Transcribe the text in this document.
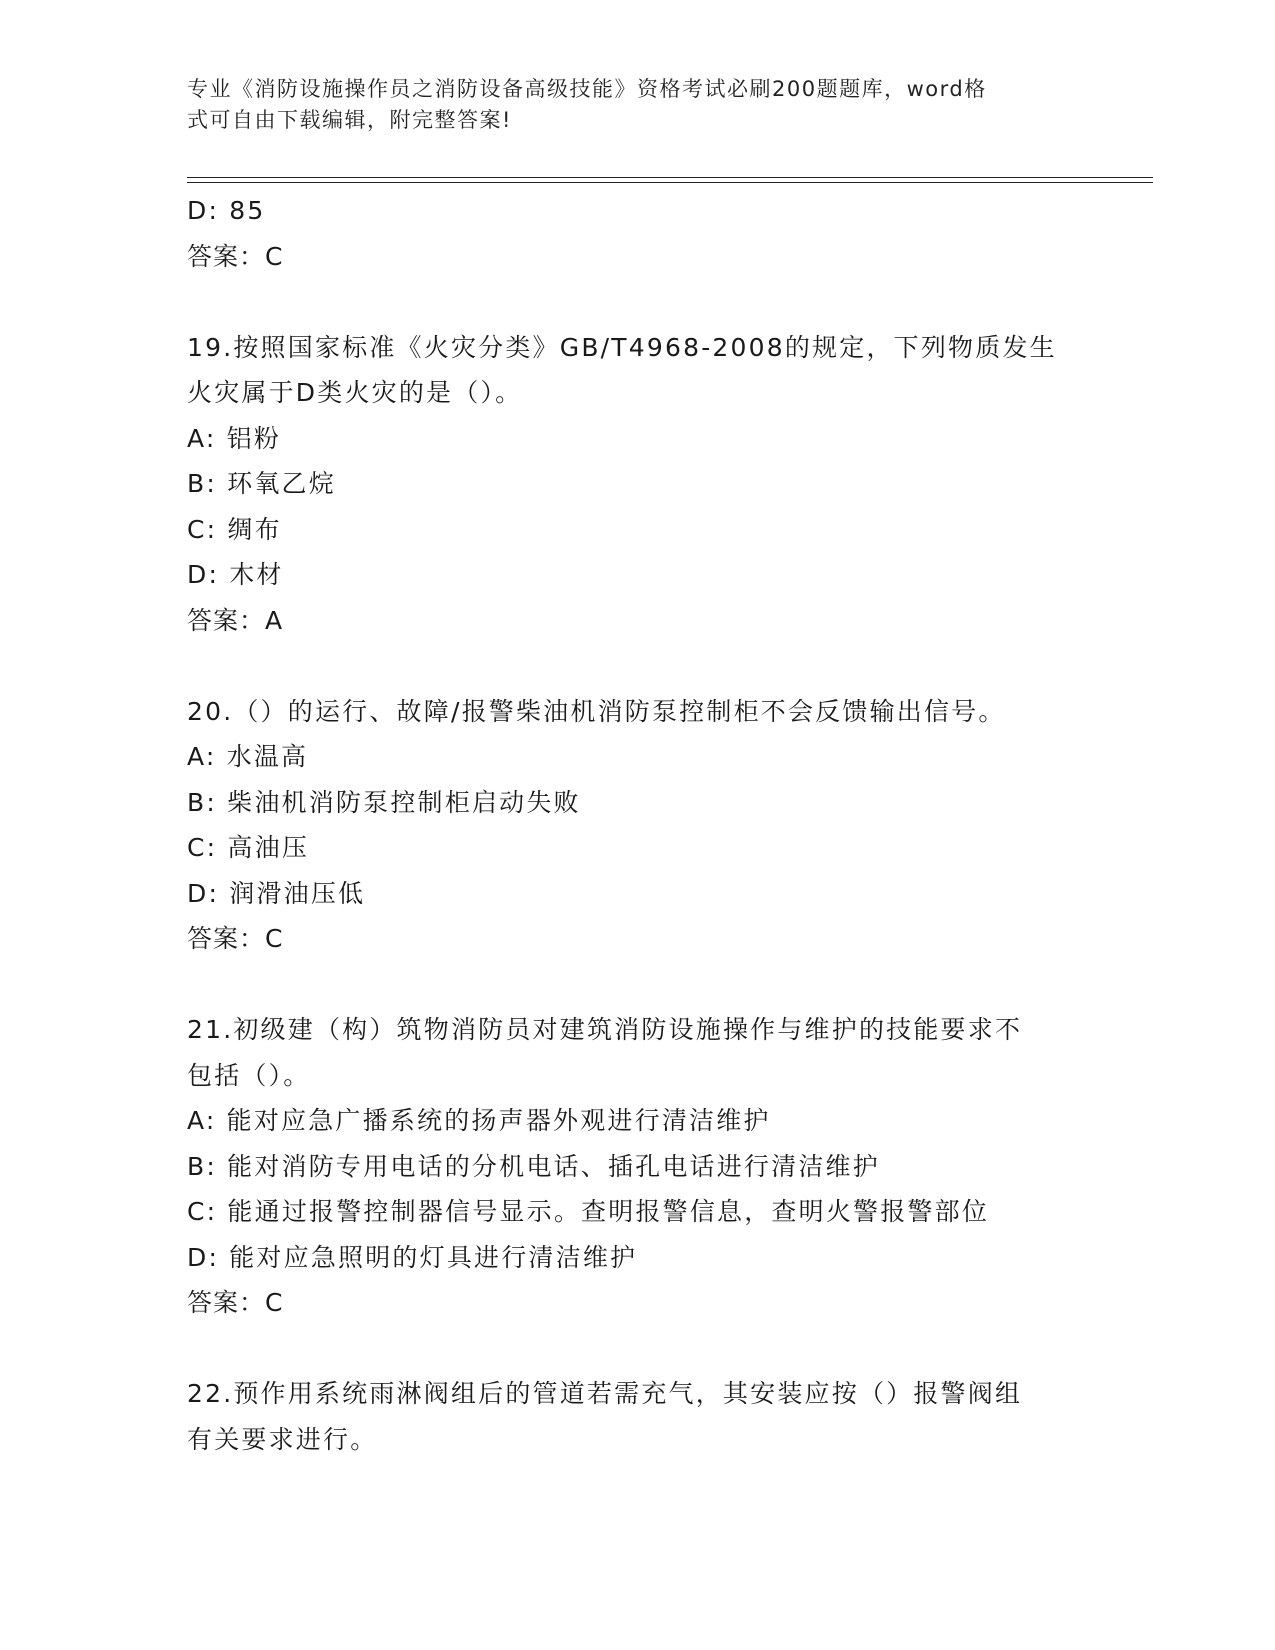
专业《消防设施操作员之消防设备高级技能》资格考试必刷200题题库，word格
式可自由下载编辑，附完整答案!
D: 85
答案：C
19.按照国家标准《火灾分类》GB/T4968-2008的规定，下列物质发生
火灾属于D类火灾的是（）。
A: 铝粉
B: 环氧乙烷
C: 绸布
D: 木材
答案：A
20.（）的运行、故障/报警柴油机消防泵控制柜不会反馈输出信号。
A: 水温高
B: 柴油机消防泵控制柜启动失败
C: 高油压
D: 润滑油压低
答案：C
21.初级建（构）筑物消防员对建筑消防设施操作与维护的技能要求不
包括（）。
A: 能对应急广播系统的扬声器外观进行清洁维护
B: 能对消防专用电话的分机电话、插孔电话进行清洁维护
C: 能通过报警控制器信号显示。查明报警信息，查明火警报警部位
D: 能对应急照明的灯具进行清洁维护
答案：C
22.预作用系统雨淋阀组后的管道若需充气，其安装应按（）报警阀组
有关要求进行。
